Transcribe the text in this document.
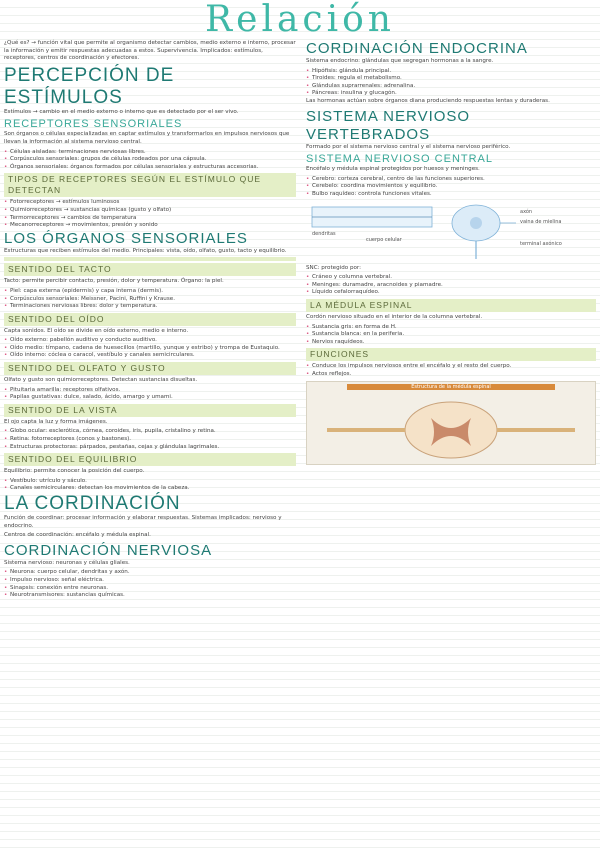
Relación

¿Qué es? → función vital que permite al organismo detectar cambios, medio externo e interno, procesar la información y emitir respuestas adecuadas a estos. Supervivencia. Implicados: estímulos, receptores, centros de coordinación y efectores.

PERCEPCIÓN DE ESTÍMULOS

Estímulos → cambio en el medio externo o interno que es detectado por el ser vivo.

RECEPTORES SENSORIALES

Son órganos o células especializadas en captar estímulos y transformarlos en impulsos nerviosos que llevan la información al sistema nervioso central.

• Células aisladas: terminaciones nerviosas libres.

• Corpúsculos sensoriales: grupos de células rodeados por una cápsula.

• Órganos sensoriales: órganos formados por células sensoriales y estructuras accesorias.

TIPOS DE RECEPTORES SEGÚN EL ESTÍMULO QUE DETECTAN

• Fotorreceptores → estímulos luminosos

• Quimiorreceptores → sustancias químicas (gusto y olfato)

• Termorreceptores → cambios de temperatura

• Mecanorreceptores → movimientos, presión y sonido

LOS ÓRGANOS SENSORIALES

Estructuras que reciben estímulos del medio. Principales: vista, oído, olfato, gusto, tacto y equilibrio.

SENTIDO DEL TACTO

Tacto: permite percibir contacto, presión, dolor y temperatura. Órgano: la piel.

• Piel: capa externa (epidermis) y capa interna (dermis).

• Corpúsculos sensoriales: Meissner, Pacini, Ruffini y Krause.

• Terminaciones nerviosas libres: dolor y temperatura.

SENTIDO DEL OÍDO

Capta sonidos. El oído se divide en oído externo, medio e interno.

• Oído externo: pabellón auditivo y conducto auditivo.

• Oído medio: tímpano, cadena de huesecillos (martillo, yunque y estribo) y trompa de Eustaquio.

• Oído interno: cóclea o caracol, vestíbulo y canales semicirculares.

SENTIDO DEL OLFATO Y GUSTO

Olfato y gusto son quimiorreceptores. Detectan sustancias disueltas.

• Pituitaria amarilla: receptores olfativos.

• Papilas gustativas: dulce, salado, ácido, amargo y umami.

SENTIDO DE LA VISTA

El ojo capta la luz y forma imágenes.

• Globo ocular: esclerótica, córnea, coroides, iris, pupila, cristalino y retina.

• Retina: fotorreceptores (conos y bastones).

• Estructuras protectoras: párpados, pestañas, cejas y glándulas lagrimales.

SENTIDO DEL EQUILIBRIO

Equilibrio: permite conocer la posición del cuerpo.

• Vestíbulo: utrículo y sáculo.

• Canales semicirculares: detectan los movimientos de la cabeza.

LA CORDINACIÓN

Función de coordinar: procesar información y elaborar respuestas. Sistemas implicados: nervioso y endocrino.

Centros de coordinación: encéfalo y médula espinal.

CORDINACIÓN NERVIOSA

Sistema nervioso: neuronas y células gliales.

• Neurona: cuerpo celular, dendritas y axón.

• Impulso nervioso: señal eléctrica.

• Sinapsis: conexión entre neuronas.

• Neurotransmisores: sustancias químicas.

CORDINACIÓN ENDOCRINA

Sistema endocrino: glándulas que segregan hormonas a la sangre.

• Hipófisis: glándula principal.

• Tiroides: regula el metabolismo.

• Glándulas suprarrenales: adrenalina.

• Páncreas: insulina y glucagón.

Las hormonas actúan sobre órganos diana produciendo respuestas lentas y duraderas.

SISTEMA NERVIOSO VERTEBRADOS

Formado por el sistema nervioso central y el sistema nervioso periférico.

SISTEMA NERVIOSO CENTRAL

Encéfalo y médula espinal protegidos por huesos y meninges.

• Cerebro: corteza cerebral, centro de las funciones superiores.

• Cerebelo: coordina movimientos y equilibrio.

• Bulbo raquídeo: controla funciones vitales.

dendritas
cuerpo celular
axón
vaina de mielina
terminal axónico

SNC: protegido por:

• Cráneo y columna vertebral.

• Meninges: duramadre, aracnoides y piamadre.

• Líquido cefalorraquídeo.

LA MÉDULA ESPINAL

Cordón nervioso situado en el interior de la columna vertebral.

• Sustancia gris: en forma de H.

• Sustancia blanca: en la periferia.

• Nervios raquídeos.

FUNCIONES

• Conduce los impulsos nerviosos entre el encéfalo y el resto del cuerpo.

• Actos reflejos.

Estructura de la médula espinal
